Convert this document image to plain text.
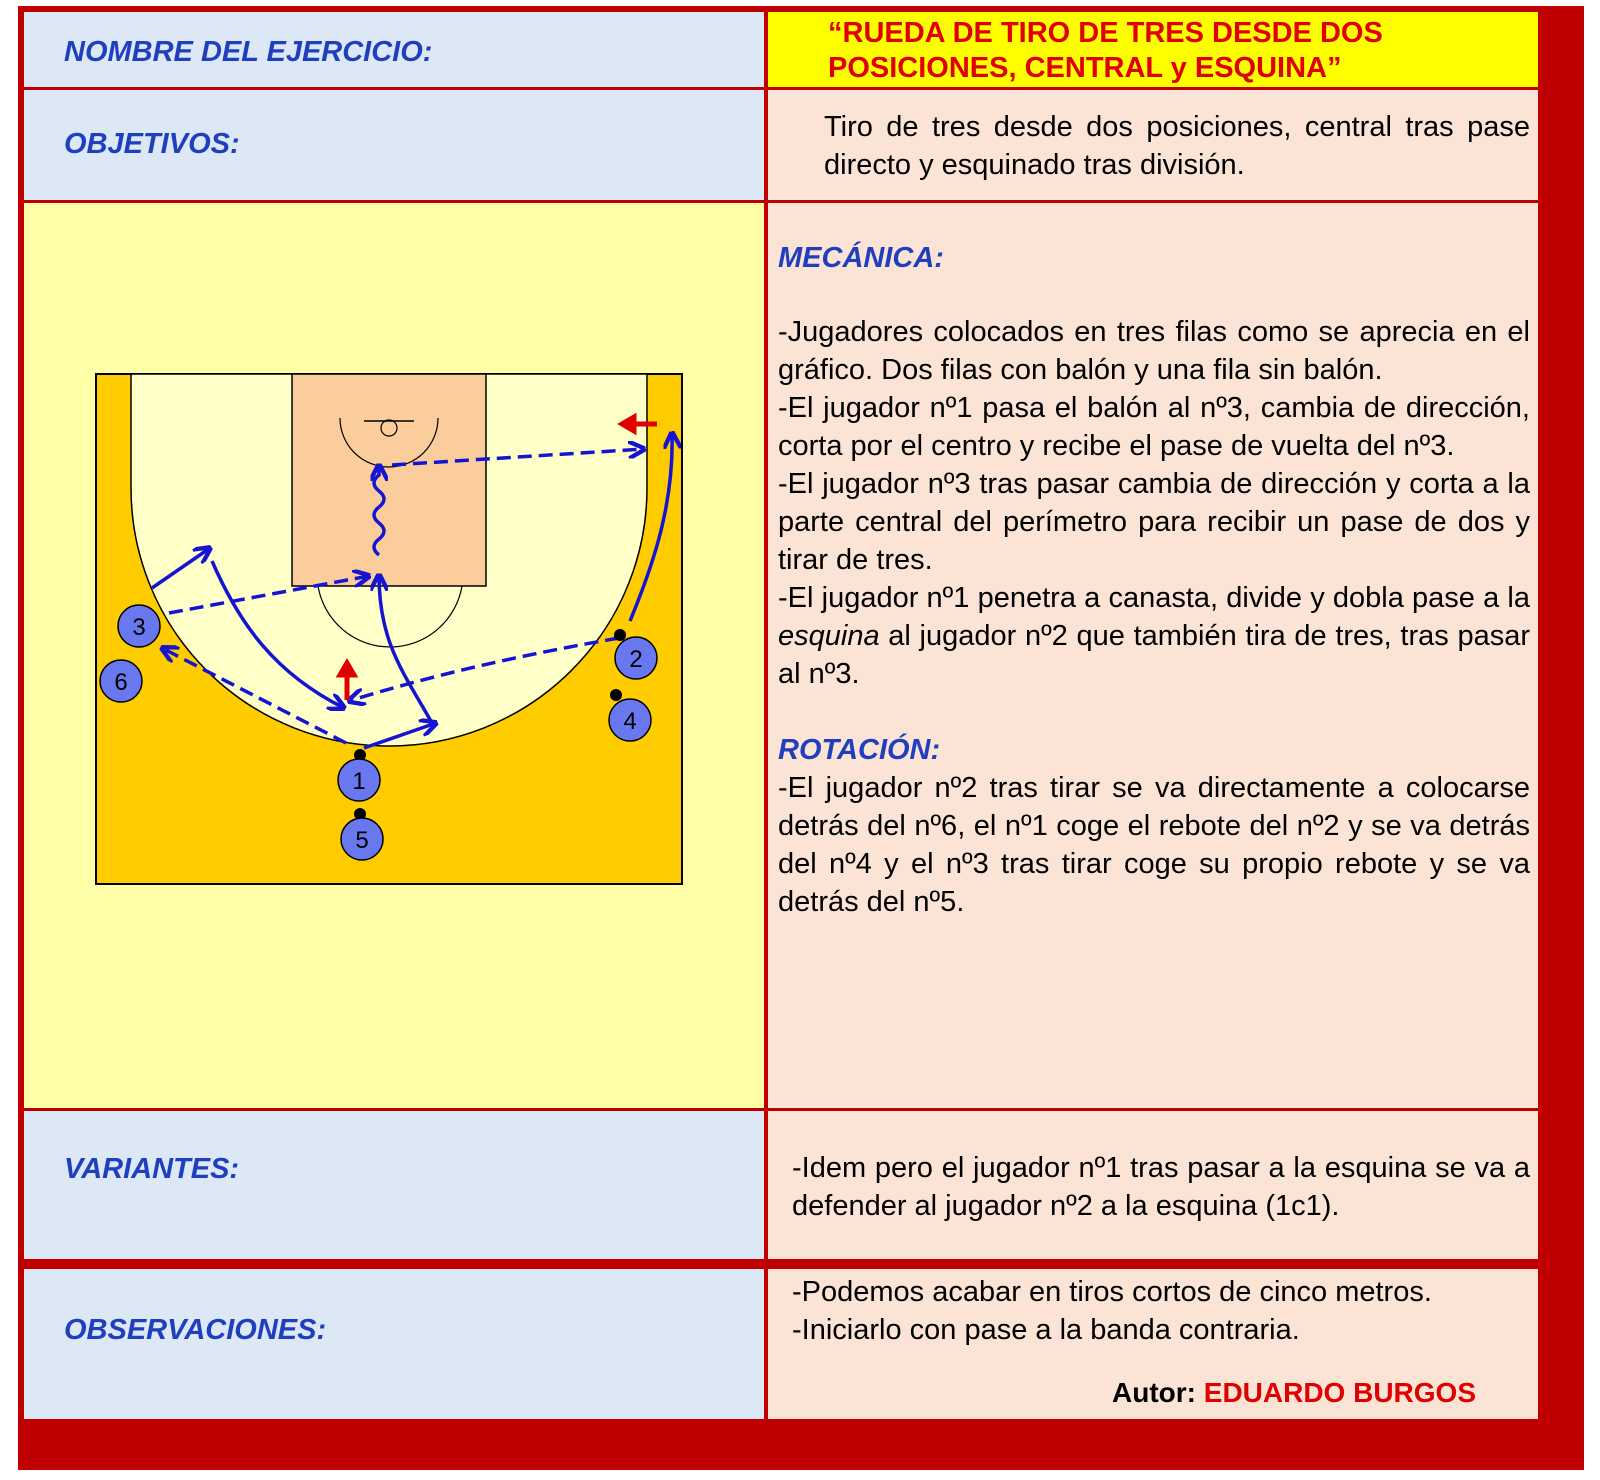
NOMBRE DEL EJERCICIO:
“RUEDA DE TIRO DE TRES DESDE DOS
POSICIONES, CENTRAL y ESQUINA”
OBJETIVOS:
Tiro de tres desde dos posiciones, central tras pase directo y esquinado tras división.
3
6
2
4
1
5
MECÁNICA:

-Jugadores colocados en tres filas como se aprecia en el gráfico. Dos filas con balón y una fila sin balón.

-El jugador nº1 pasa el balón al nº3, cambia de dirección, corta por el centro y recibe el pase de vuelta del nº3.

-El jugador nº3 tras pasar cambia de dirección y corta a la parte central del perímetro para recibir un pase de dos y tirar de tres.

-El jugador nº1 penetra a canasta, divide y dobla pase a la esquina al jugador nº2 que también tira de tres, tras pasar al nº3.

ROTACIÓN:

-El jugador nº2 tras tirar se va directamente a colocarse detrás del nº6, el nº1 coge el rebote del nº2 y se va detrás del nº4 y el nº3 tras tirar coge su propio rebote y se va detrás del nº5.

VARIANTES:	-Idem pero el jugador nº1 tras pasar a la esquina se va a defender al jugador nº2 a la esquina (1c1).
OBSERVACIONES:
-Podemos acabar en tiros cortos de cinco metros.
-Iniciarlo con pase a la banda contraria.
Autor: EDUARDO BURGOS
